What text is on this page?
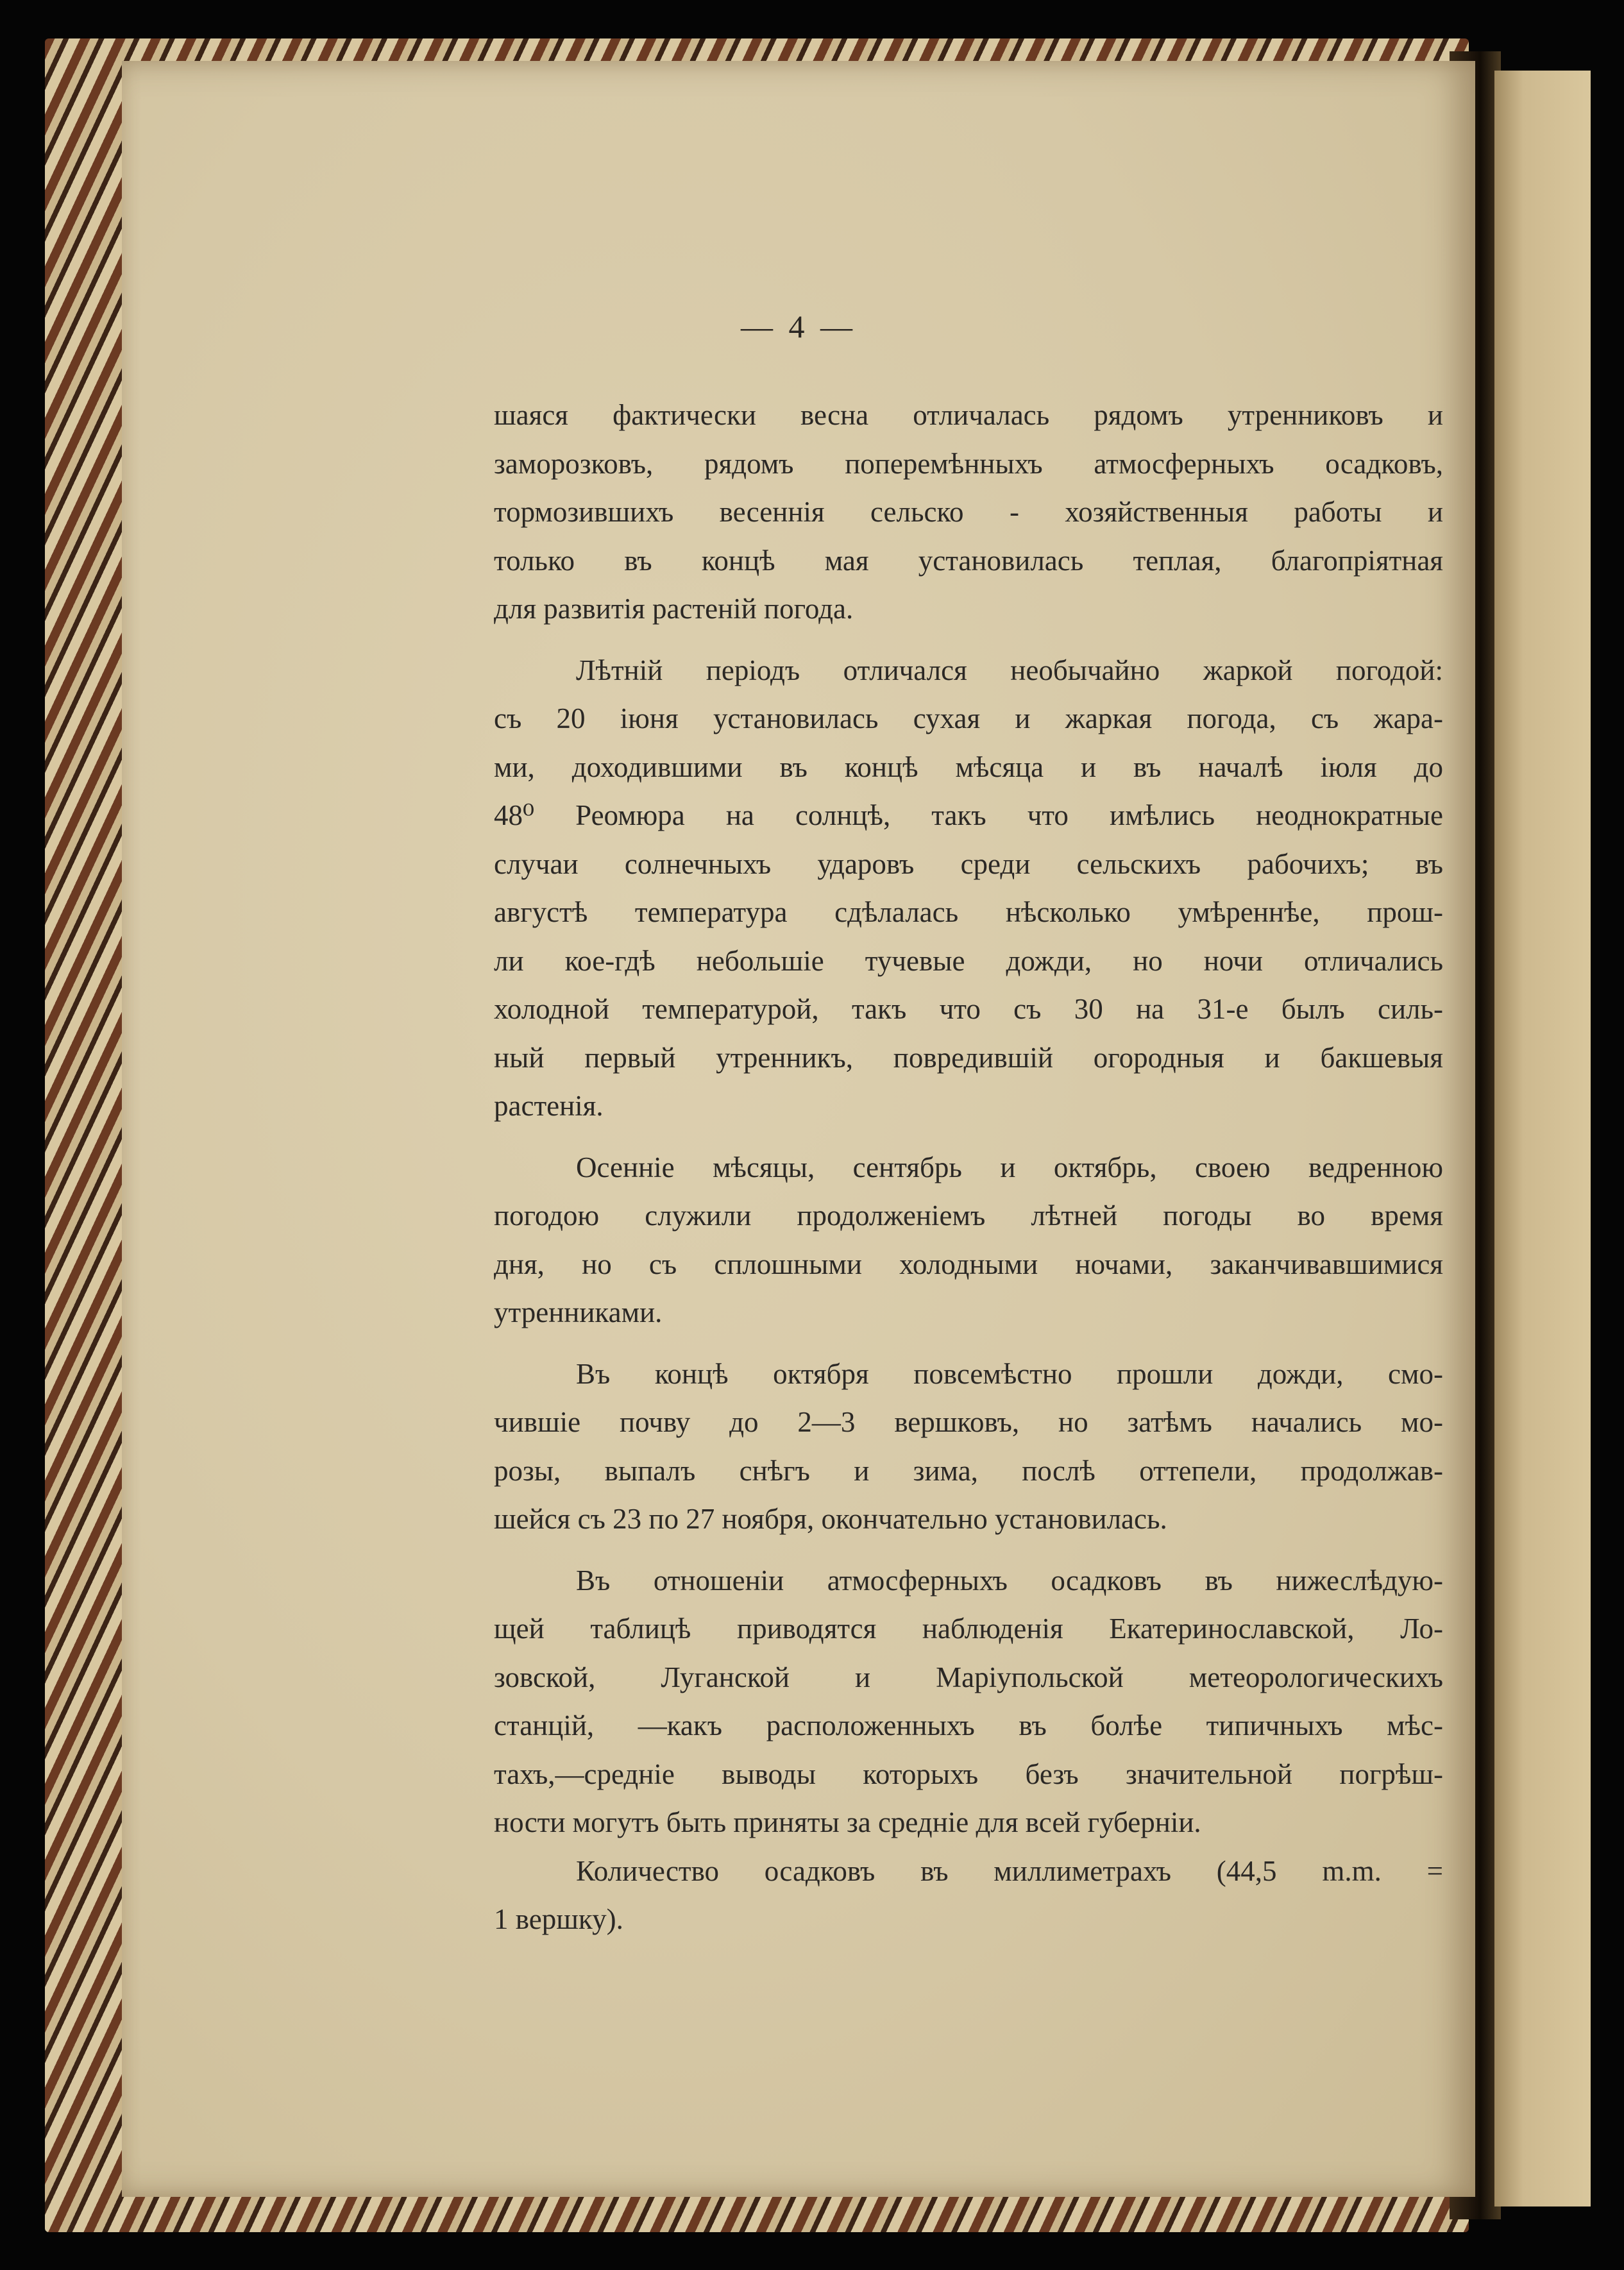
— 4 —
шаяся фактически весна отличалась рядомъ утренниковъ и
заморозковъ, рядомъ поперемѣнныхъ атмосферныхъ осадковъ,
тормозившихъ весеннія сельско - хозяйственныя работы и
только въ концѣ мая установилась теплая, благопріятная
для развитія растеній погода.
Лѣтній періодъ отличался необычайно жаркой погодой:
съ 20 іюня установилась сухая и жаркая погода, съ жара-
ми, доходившими въ концѣ мѣсяца и въ началѣ іюля до
48⁰ Реомюра на солнцѣ, такъ что имѣлись неоднократные
случаи солнечныхъ ударовъ среди сельскихъ рабочихъ; въ
августѣ температура сдѣлалась нѣсколько умѣреннѣе, прош-
ли кое-гдѣ небольшіе тучевые дожди, но ночи отличались
холодной температурой, такъ что съ 30 на 31-е былъ силь-
ный первый утренникъ, повредившій огородныя и бакшевыя
растенія.
Осенніе мѣсяцы, сентябрь и октябрь, своею ведренною
погодою служили продолженіемъ лѣтней погоды во время
дня, но съ сплошными холодными ночами, заканчивавшимися
утренниками.
Въ концѣ октября повсемѣстно прошли дожди, смо-
чившіе почву до 2—3 вершковъ, но затѣмъ начались мо-
розы, выпалъ снѣгъ и зима, послѣ оттепели, продолжав-
шейся съ 23 по 27 ноября, окончательно установилась.
Въ отношеніи атмосферныхъ осадковъ въ нижеслѣдую-
щей таблицѣ приводятся наблюденія Екатеринославской, Ло-
зовской, Луганской и Маріупольской метеорологическихъ
станцій, —какъ расположенныхъ въ болѣе типичныхъ мѣс-
тахъ,—средніе выводы которыхъ безъ значительной погрѣш-
ности могутъ быть приняты за средніе для всей губерніи.
Количество осадковъ въ миллиметрахъ (44,5 m.m. =
1 вершку).
